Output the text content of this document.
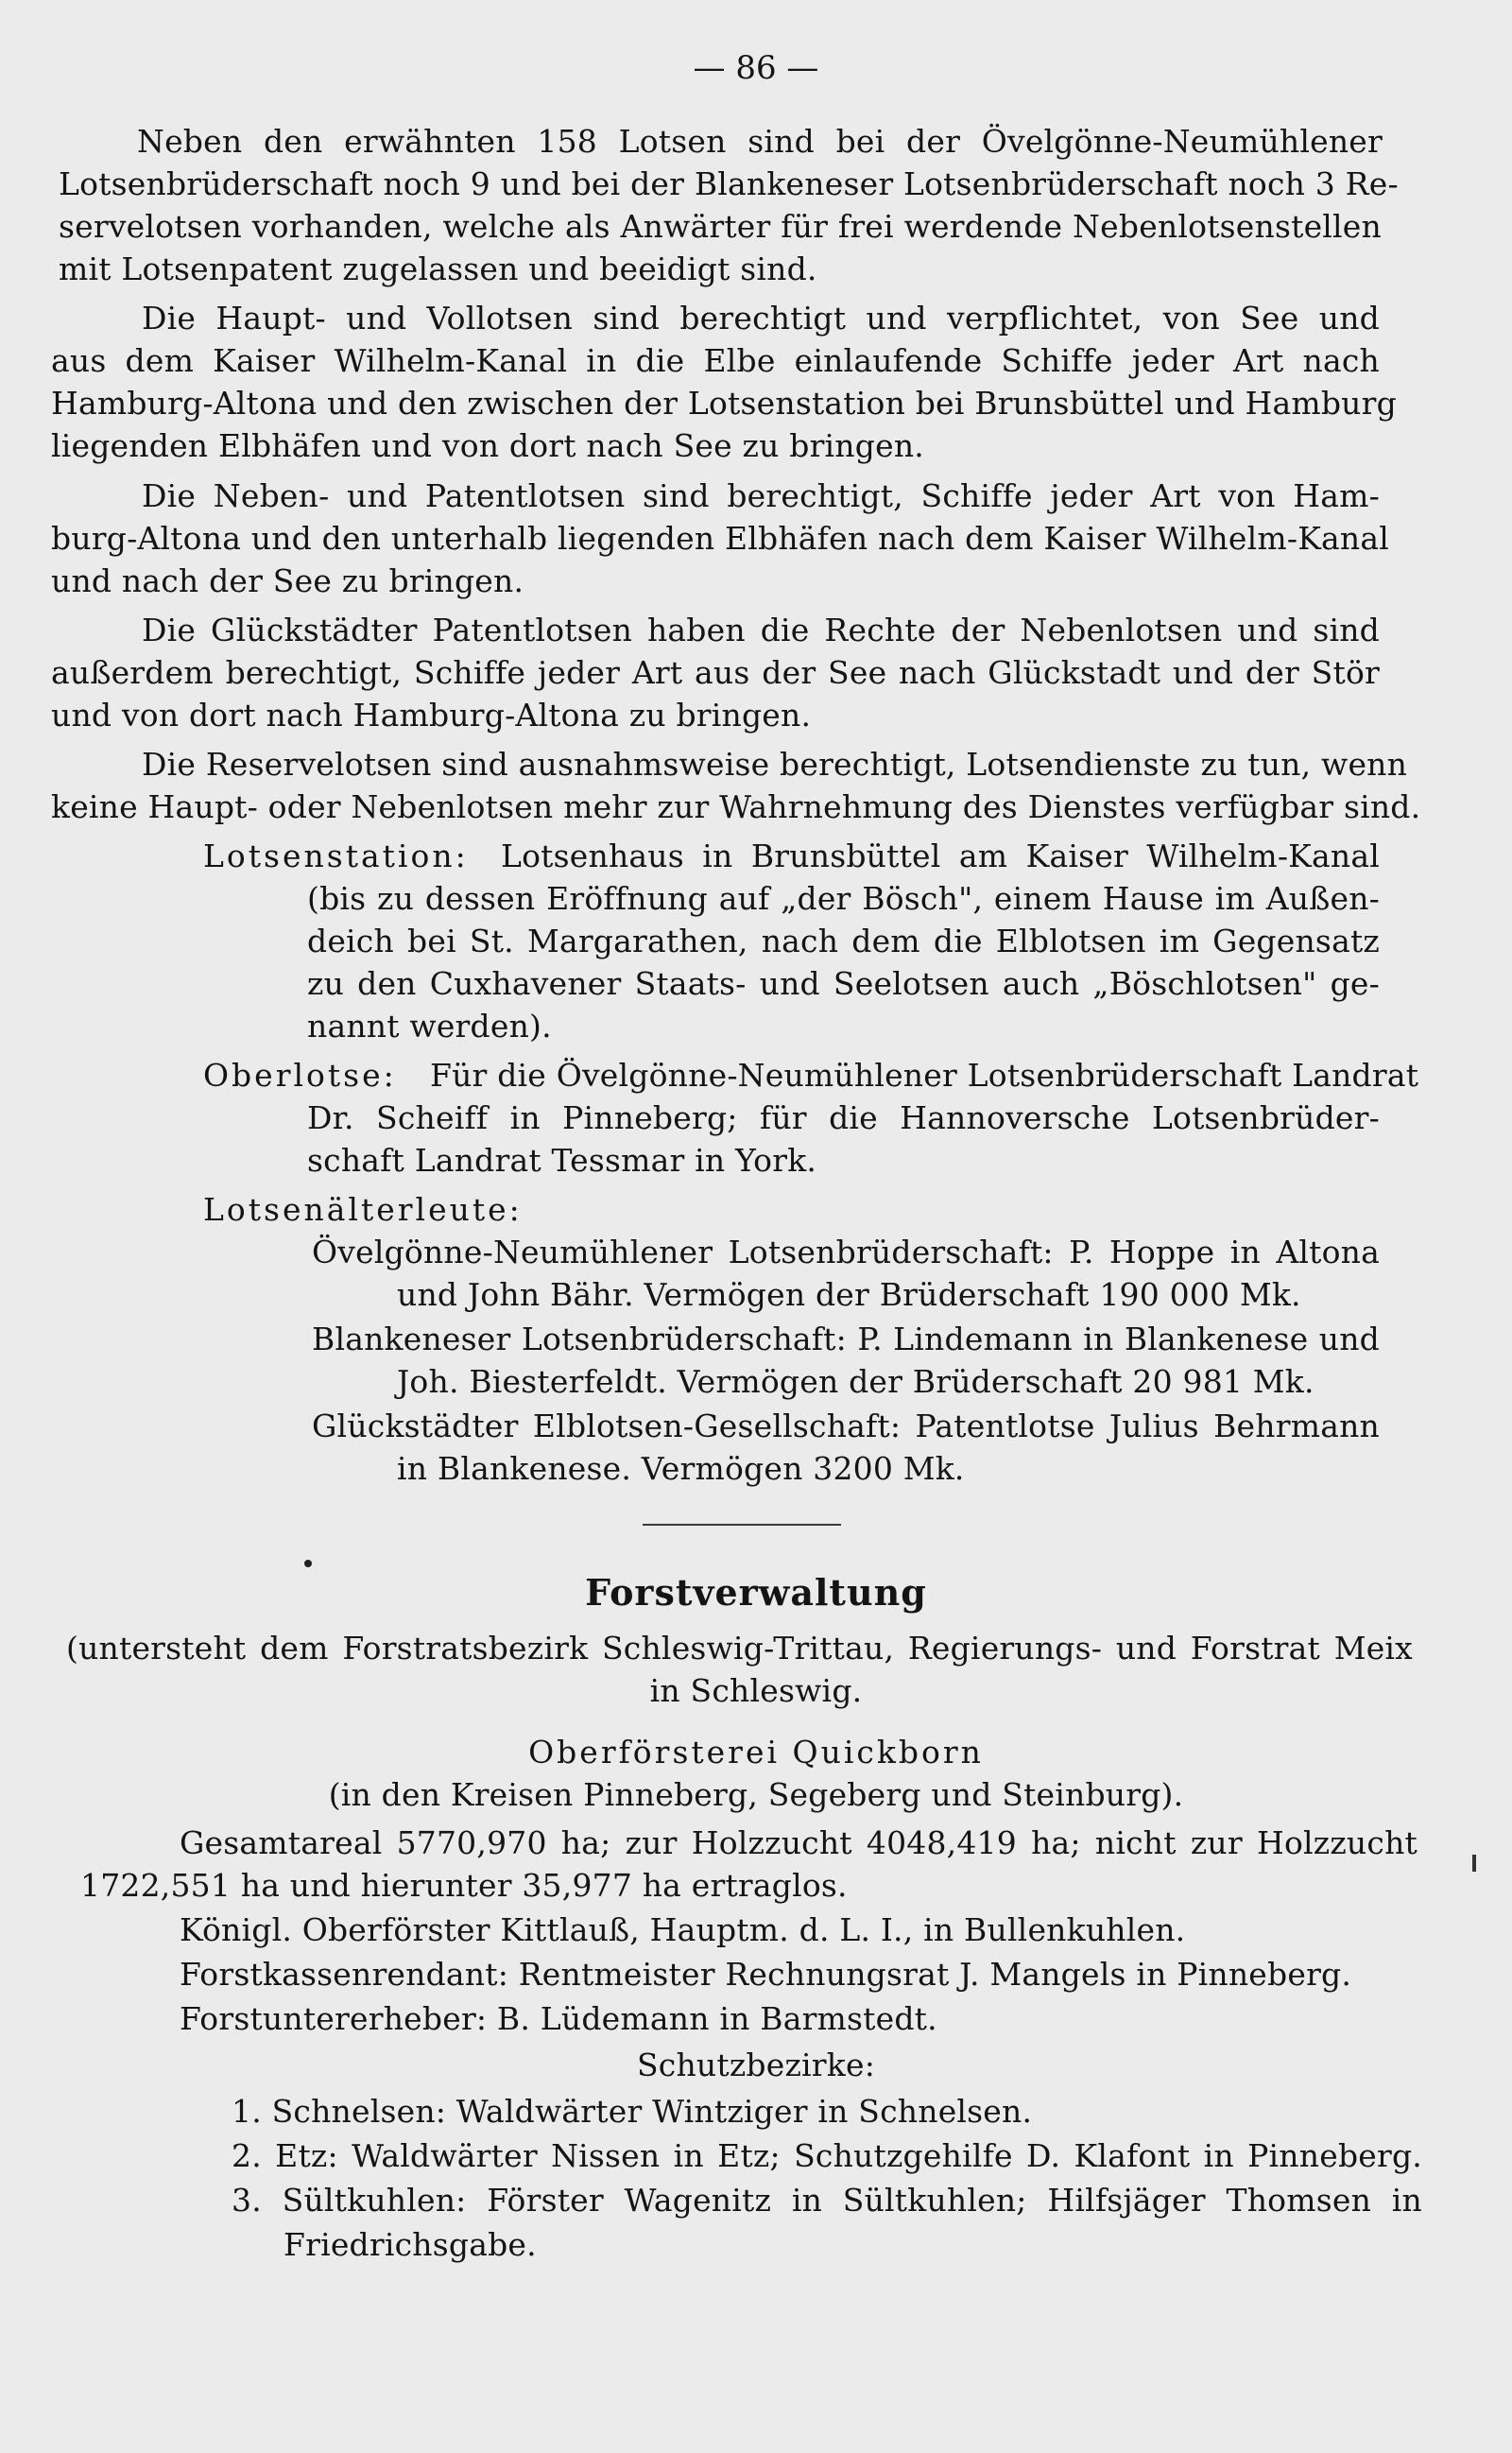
— 86 —
Neben den erwähnten 158 Lotsen sind bei der Övelgönne-Neumühlener
Lotsenbrüderschaft noch 9 und bei der Blankeneser Lotsenbrüderschaft noch 3 Re-
servelotsen vorhanden, welche als Anwärter für frei werdende Nebenlotsenstellen
mit Lotsenpatent zugelassen und beeidigt sind.
Die Haupt- und Vollotsen sind berechtigt und verpflichtet, von See und
aus dem Kaiser Wilhelm-Kanal in die Elbe einlaufende Schiffe jeder Art nach
Hamburg-Altona und den zwischen der Lotsenstation bei Brunsbüttel und Hamburg
liegenden Elbhäfen und von dort nach See zu bringen.
Die Neben- und Patentlotsen sind berechtigt, Schiffe jeder Art von Ham-
burg-Altona und den unterhalb liegenden Elbhäfen nach dem Kaiser Wilhelm-Kanal
und nach der See zu bringen.
Die Glückstädter Patentlotsen haben die Rechte der Nebenlotsen und sind
außerdem berechtigt, Schiffe jeder Art aus der See nach Glückstadt und der Stör
und von dort nach Hamburg-Altona zu bringen.
Die Reservelotsen sind ausnahmsweise berechtigt, Lotsendienste zu tun, wenn
keine Haupt- oder Nebenlotsen mehr zur Wahrnehmung des Dienstes verfügbar sind.
Lotsenstation: Lotsenhaus in Brunsbüttel am Kaiser Wilhelm-Kanal
(bis zu dessen Eröffnung auf „der Bösch", einem Hause im Außen-
deich bei St. Margarathen, nach dem die Elblotsen im Gegensatz
zu den Cuxhavener Staats- und Seelotsen auch „Böschlotsen" ge-
nannt werden).
Oberlotse: Für die Övelgönne-Neumühlener Lotsenbrüderschaft Landrat
Dr. Scheiff in Pinneberg; für die Hannoversche Lotsenbrüder-
schaft Landrat Tessmar in York.
Lotsenälterleute:
Övelgönne-Neumühlener Lotsenbrüderschaft: P. Hoppe in Altona
und John Bähr. Vermögen der Brüderschaft 190 000 Mk.
Blankeneser Lotsenbrüderschaft: P. Lindemann in Blankenese und
Joh. Biesterfeldt. Vermögen der Brüderschaft 20 981 Mk.
Glückstädter Elblotsen-Gesellschaft: Patentlotse Julius Behrmann
in Blankenese. Vermögen 3200 Mk.
Forstverwaltung
(untersteht dem Forstratsbezirk Schleswig-Trittau, Regierungs- und Forstrat Meix
in Schleswig.
Oberförsterei Quickborn
(in den Kreisen Pinneberg, Segeberg und Steinburg).
Gesamtareal 5770,970 ha; zur Holzzucht 4048,419 ha; nicht zur Holzzucht
1722,551 ha und hierunter 35,977 ha ertraglos.
Königl. Oberförster Kittlauß, Hauptm. d. L. I., in Bullenkuhlen.
Forstkassenrendant: Rentmeister Rechnungsrat J. Mangels in Pinneberg.
Forstuntererheber: B. Lüdemann in Barmstedt.
Schutzbezirke:
1. Schnelsen: Waldwärter Wintziger in Schnelsen.
2. Etz: Waldwärter Nissen in Etz; Schutzgehilfe D. Klafont in Pinneberg.
3. Sültkuhlen: Förster Wagenitz in Sültkuhlen; Hilfsjäger Thomsen in
Friedrichsgabe.
